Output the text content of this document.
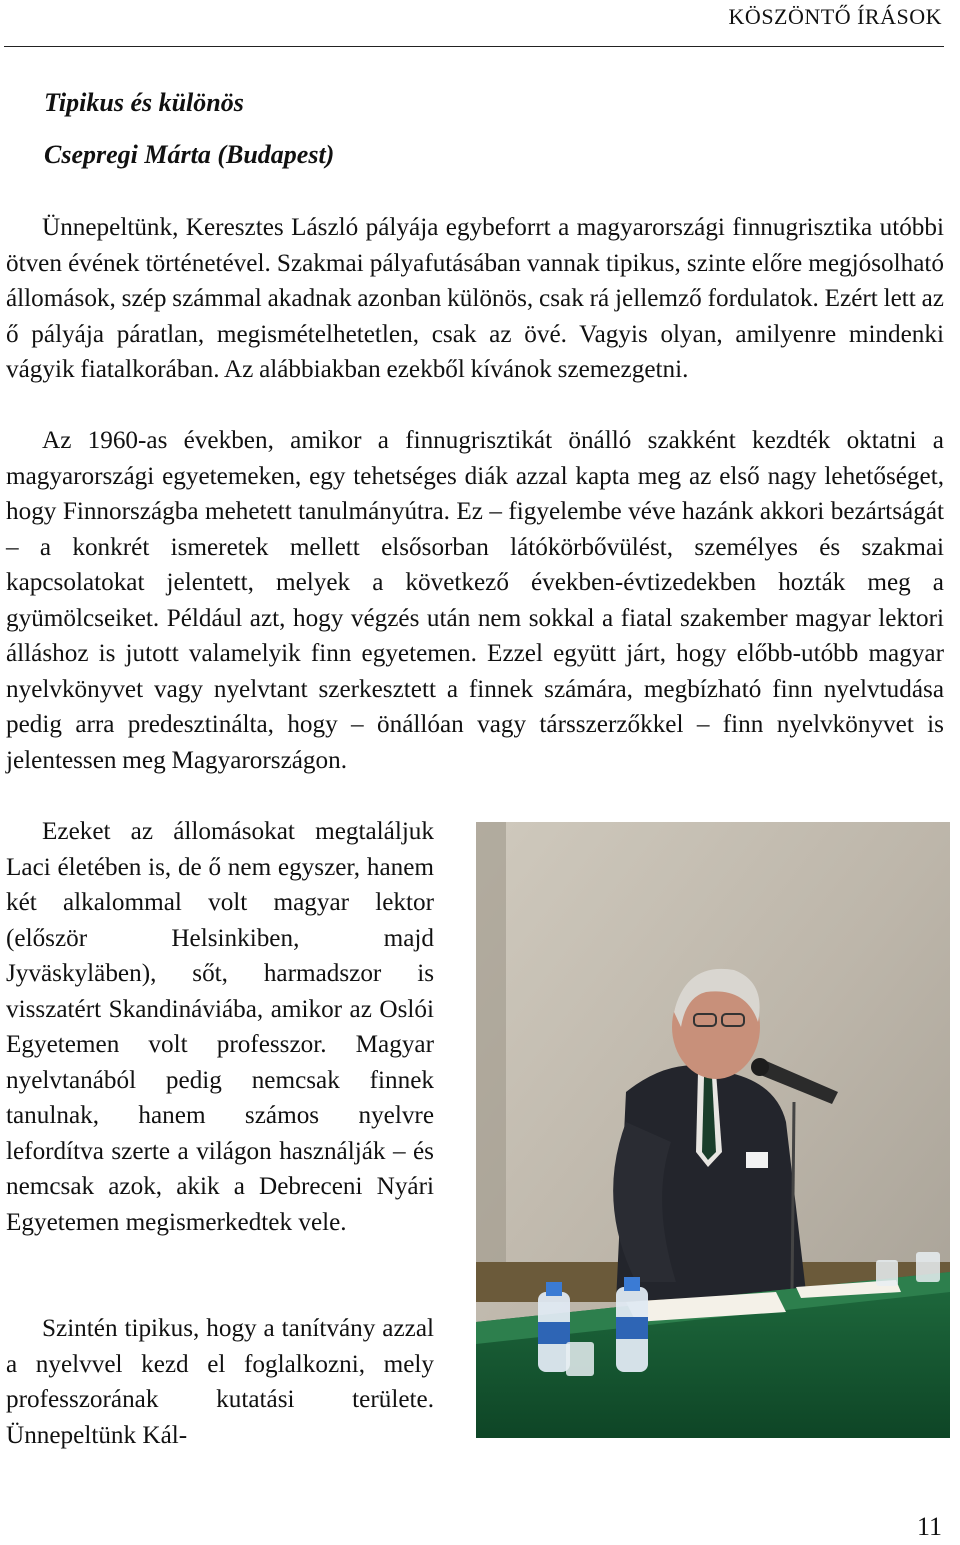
KÖSZÖNTŐ ÍRÁSOK
Tipikus és különös
Csepregi Márta (Budapest)

Ünnepeltünk, Keresztes László pályája egybeforrt a magyarországi finnugrisztika utóbbi ötven évének történetével. Szakmai pályafutásában vannak tipikus, szinte előre megjósolható állomások, szép számmal akadnak azonban különös, csak rá jellemző fordulatok. Ezért lett az ő pályája páratlan, megismételhetetlen, csak az övé. Vagyis olyan, amilyenre mindenki vágyik fiatalkorában. Az alábbiakban ezekből kívánok szemezgetni.

Az 1960-as években, amikor a finnugrisztikát önálló szakként kezdték oktatni a magyarországi egyetemeken, egy tehetséges diák azzal kapta meg az első nagy lehetőséget, hogy Finnországba mehetett tanulmányútra. Ez – figyelembe véve hazánk akkori bezártságát – a konkrét ismeretek mellett elsősorban látókörbővülést, személyes és szakmai kapcsolatokat jelentett, melyek a következő években-évtizedekben hozták meg a gyümölcseiket. Például azt, hogy végzés után nem sokkal a fiatal szakember magyar lektori álláshoz is jutott valamelyik finn egyetemen. Ezzel együtt járt, hogy előbb-utóbb magyar nyelvkönyvet vagy nyelvtant szerkesztett a finnek számára, megbízható finn nyelvtudása pedig arra predesztinálta, hogy – önállóan vagy társszerzőkkel – finn nyelvkönyvet is jelentessen meg Magyarországon.

Ezeket az állomásokat megtaláljuk Laci életében is, de ő nem egyszer, hanem két alkalommal volt magyar lektor (először Helsinkiben, majd Jyväskyläben), sőt, harmadszor is visszatért Skandináviába, amikor az Oslói Egyetemen volt professzor. Magyar nyelvtanából pedig nemcsak finnek tanulnak, hanem számos nyelvre lefordítva szerte a világon használják – és nemcsak azok, akik a Debreceni Nyári Egyetemen megismerkedtek vele.

Szintén tipikus, hogy a tanítvány azzal a nyelvvel kezd el foglalkozni, mely professzorának kutatási területe. Ünnepeltünk Kál-

11
